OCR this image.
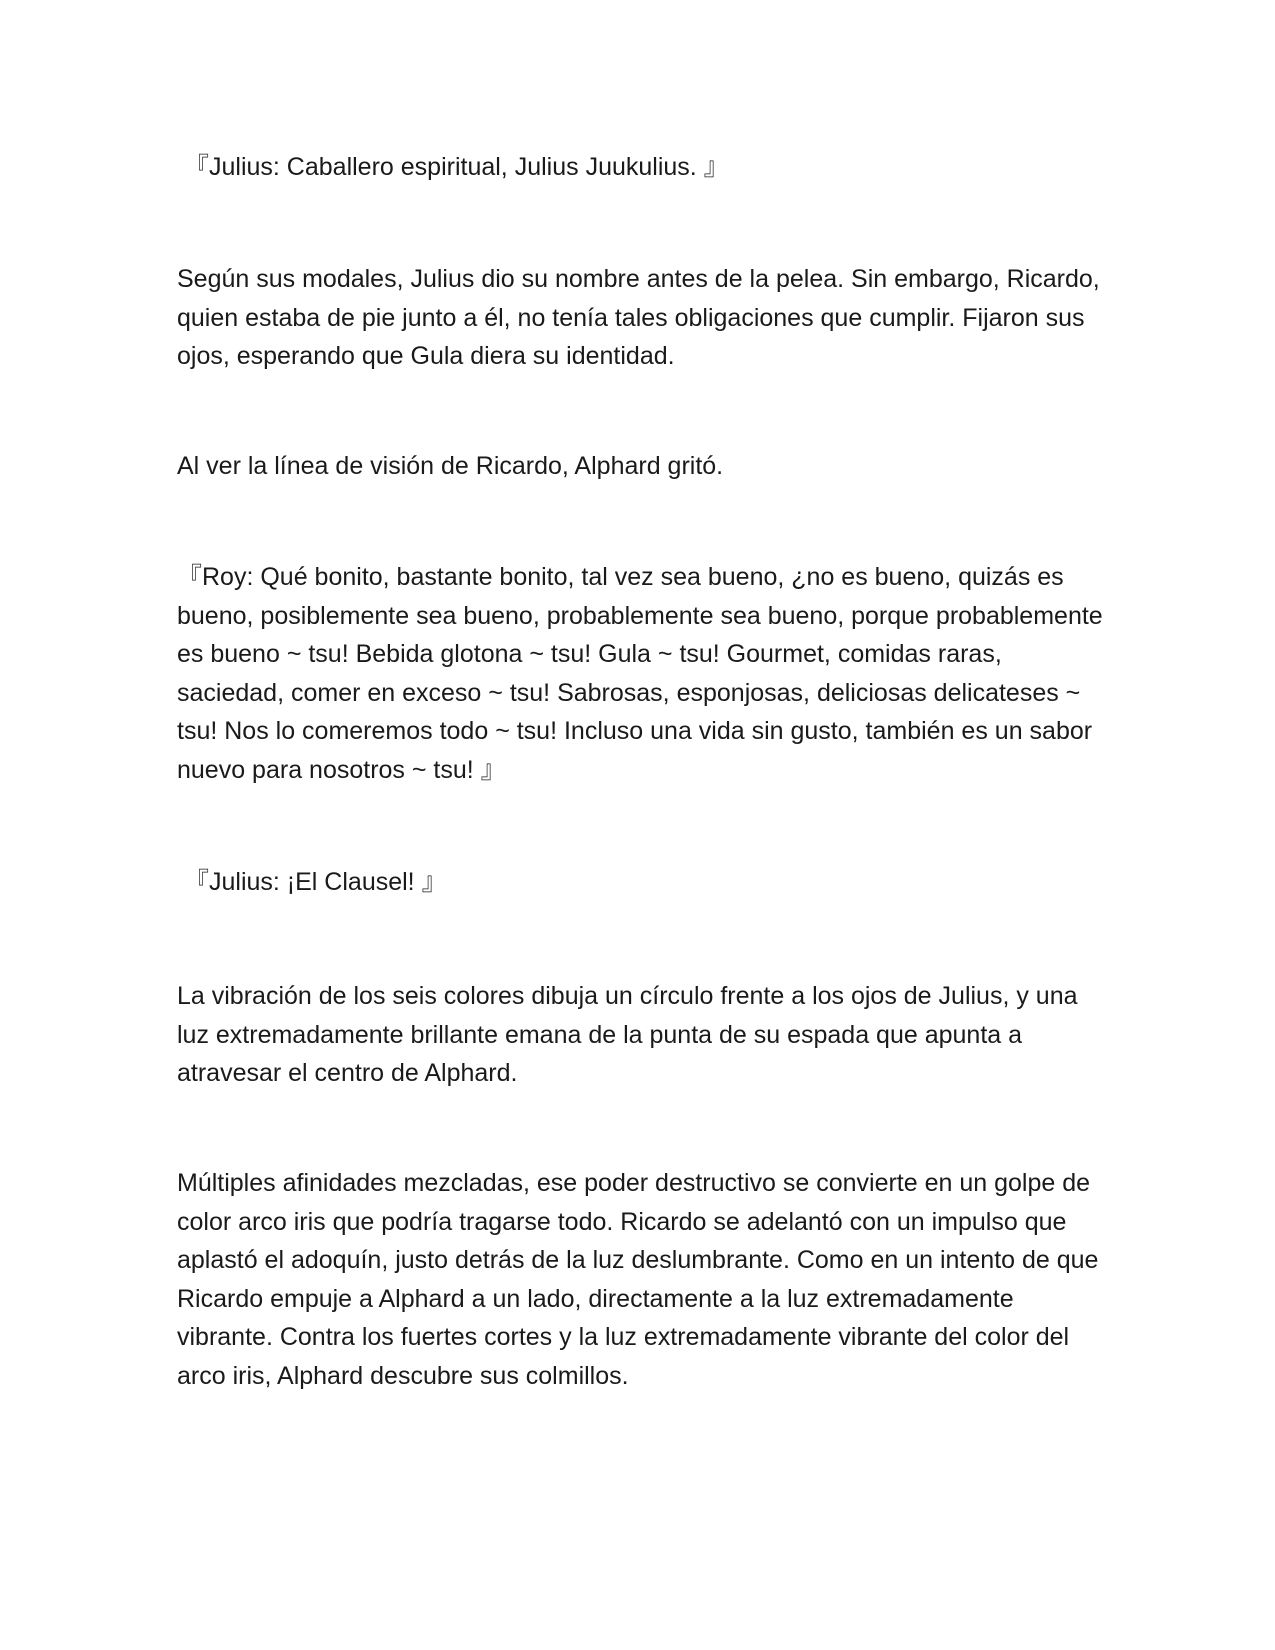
『Julius: Caballero espiritual, Julius Juukulius. 』

Según sus modales, Julius dio su nombre antes de la pelea. Sin embargo, Ricardo, quien estaba de pie junto a él, no tenía tales obligaciones que cumplir. Fijaron sus ojos, esperando que Gula diera su identidad.

Al ver la línea de visión de Ricardo, Alphard gritó.

『Roy: Qué bonito, bastante bonito, tal vez sea bueno, ¿no es bueno, quizás es bueno, posiblemente sea bueno, probablemente sea bueno, porque probablemente es bueno ~ tsu! Bebida glotona ~ tsu! Gula ~ tsu! Gourmet, comidas raras, saciedad, comer en exceso ~ tsu! Sabrosas, esponjosas, deliciosas delicateses ~ tsu! Nos lo comeremos todo ~ tsu! Incluso una vida sin gusto, también es un sabor nuevo para nosotros ~ tsu! 』

『Julius: ¡El Clausel! 』

La vibración de los seis colores dibuja un círculo frente a los ojos de Julius, y una luz extremadamente brillante emana de la punta de su espada que apunta a atravesar el centro de Alphard.

Múltiples afinidades mezcladas, ese poder destructivo se convierte en un golpe de color arco iris que podría tragarse todo. Ricardo se adelantó con un impulso que aplastó el adoquín, justo detrás de la luz deslumbrante. Como en un intento de que Ricardo empuje a Alphard a un lado, directamente a la luz extremadamente vibrante. Contra los fuertes cortes y la luz extremadamente vibrante del color del arco iris, Alphard descubre sus colmillos.
